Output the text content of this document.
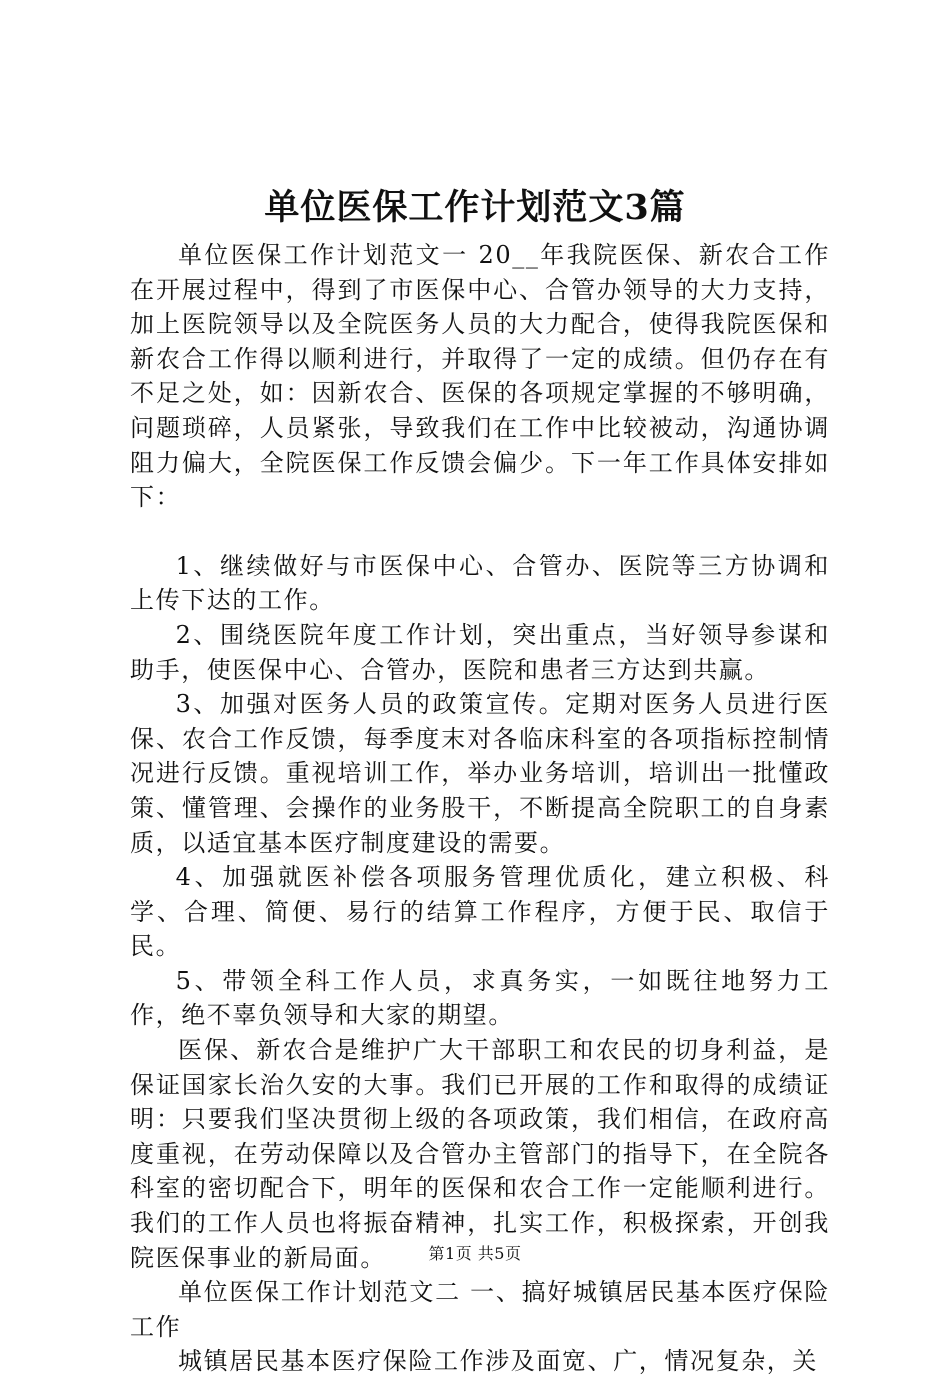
单位医保工作计划范文3篇

单位医保工作计划范文一 20__年我院医保、新农合工作在开展过程中，得到了市医保中心、合管办领导的大力支持，加上医院领导以及全院医务人员的大力配合，使得我院医保和新农合工作得以顺利进行，并取得了一定的成绩。但仍存在有不足之处，如：因新农合、医保的各项规定掌握的不够明确，问题琐碎，人员紧张，导致我们在工作中比较被动，沟通协调阻力偏大，全院医保工作反馈会偏少。下一年工作具体安排如下：

1、继续做好与市医保中心、合管办、医院等三方协调和上传下达的工作。

2、围绕医院年度工作计划，突出重点，当好领导参谋和助手，使医保中心、合管办，医院和患者三方达到共赢。

3、加强对医务人员的政策宣传。定期对医务人员进行医保、农合工作反馈，每季度末对各临床科室的各项指标控制情况进行反馈。重视培训工作，举办业务培训，培训出一批懂政策、懂管理、会操作的业务股干，不断提高全院职工的自身素质，以适宜基本医疗制度建设的需要。

4、加强就医补偿各项服务管理优质化，建立积极、科学、合理、简便、易行的结算工作程序，方便于民、取信于民。

5、带领全科工作人员，求真务实，一如既往地努力工作，绝不辜负领导和大家的期望。

医保、新农合是维护广大干部职工和农民的切身利益，是保证国家长治久安的大事。我们已开展的工作和取得的成绩证明：只要我们坚决贯彻上级的各项政策，我们相信，在政府高度重视，在劳动保障以及合管办主管部门的指导下，在全院各科室的密切配合下，明年的医保和农合工作一定能顺利进行。我们的工作人员也将振奋精神，扎实工作，积极探索，开创我院医保事业的新局面。

单位医保工作计划范文二 一、搞好城镇居民基本医疗保险工作

城镇居民基本医疗保险工作涉及面宽、广，情况复杂，关

第1页 共5页
